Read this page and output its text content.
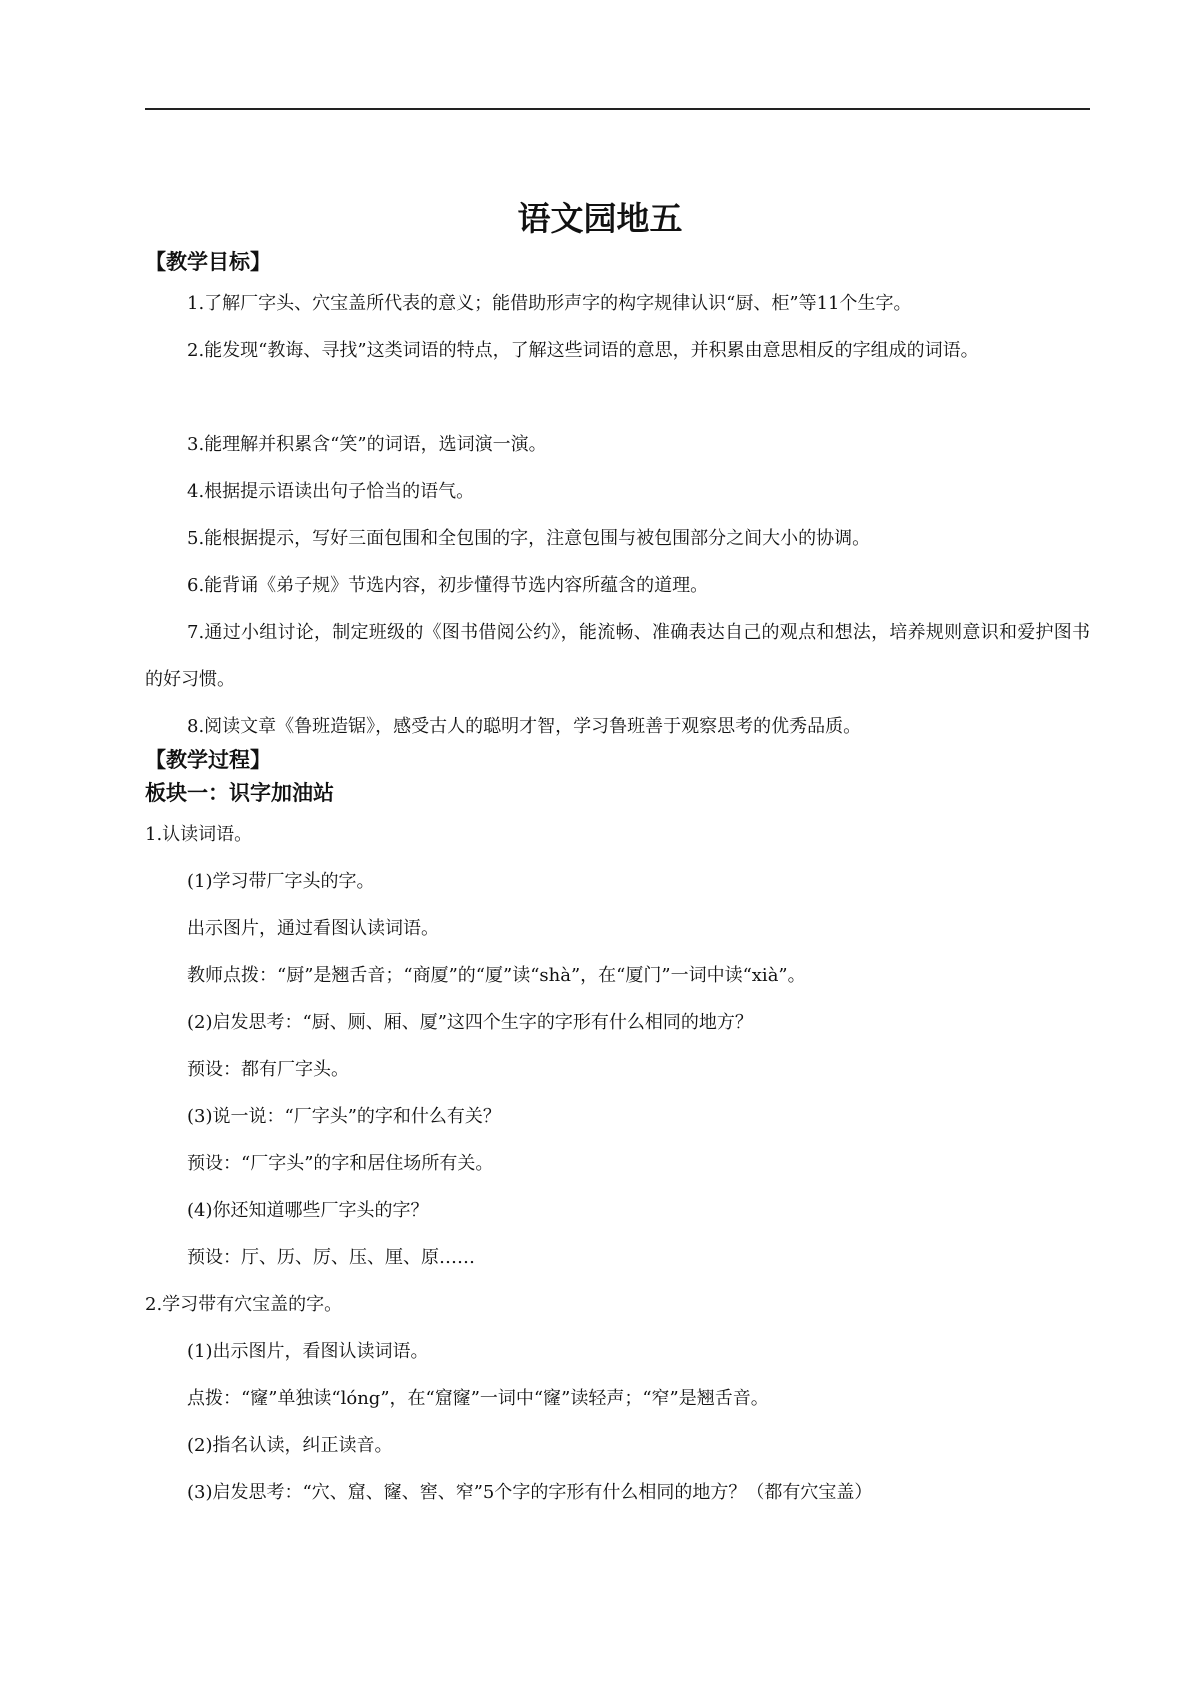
语文园地五
【教学目标】
1.了解厂字头、穴宝盖所代表的意义；能借助形声字的构字规律认识“厨、柜”等11个生字。
2.能发现“教诲、寻找”这类词语的特点，了解这些词语的意思，并积累由意思相反的字组成的词语。
3.能理解并积累含“笑”的词语，选词演一演。
4.根据提示语读出句子恰当的语气。
5.能根据提示，写好三面包围和全包围的字，注意包围与被包围部分之间大小的协调。
6.能背诵《弟子规》节选内容，初步懂得节选内容所蕴含的道理。
7.通过小组讨论，制定班级的《图书借阅公约》，能流畅、准确表达自己的观点和想法，培养规则意识和爱护图书的好习惯。
8.阅读文章《鲁班造锯》，感受古人的聪明才智，学习鲁班善于观察思考的优秀品质。
【教学过程】
板块一：识字加油站
1.认读词语。
(1)学习带厂字头的字。
出示图片，通过看图认读词语。
教师点拨：“厨”是翘舌音；“商厦”的“厦”读“shà”，在“厦门”一词中读“xià”。
(2)启发思考：“厨、厕、厢、厦”这四个生字的字形有什么相同的地方？
预设：都有厂字头。
(3)说一说：“厂字头”的字和什么有关？
预设：“厂字头”的字和居住场所有关。
(4)你还知道哪些厂字头的字？
预设：厅、历、厉、压、厘、原……
2.学习带有穴宝盖的字。
(1)出示图片，看图认读词语。
点拨：“窿”单独读“lóng”，在“窟窿”一词中“窿”读轻声；“窄”是翘舌音。
(2)指名认读，纠正读音。
(3)启发思考：“穴、窟、窿、窖、窄”5个字的字形有什么相同的地方？（都有穴宝盖）
